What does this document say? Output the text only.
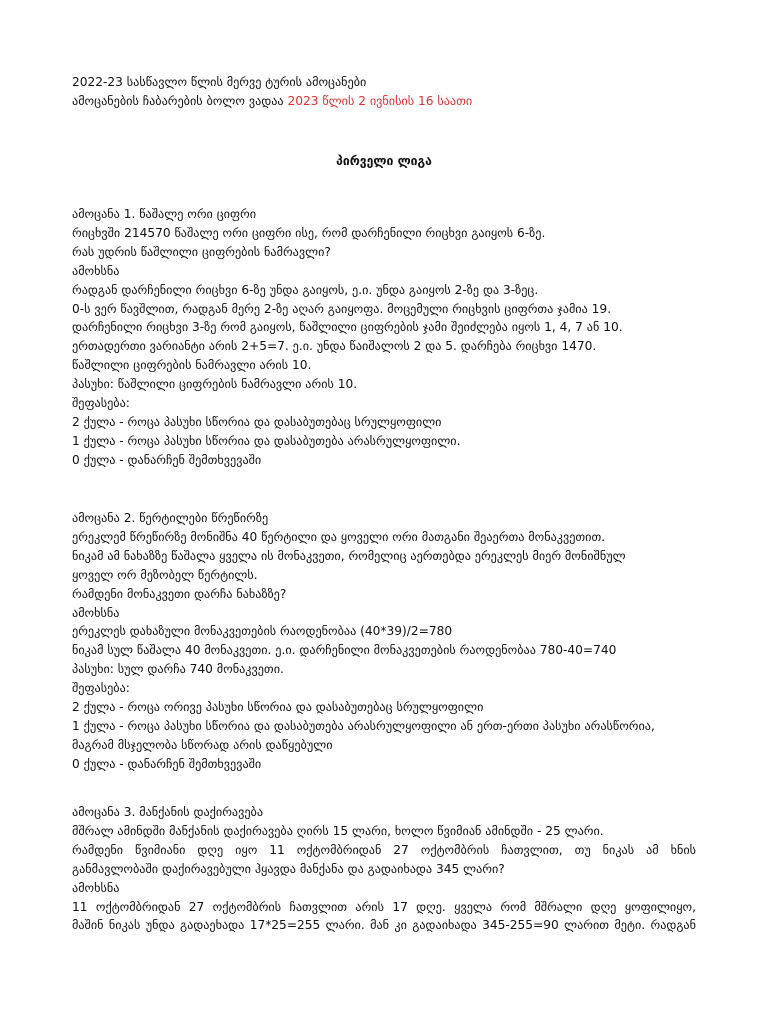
2022-23 სასწავლო წლის მერვე ტურის ამოცანები

ამოცანების ჩაბარების ბოლო ვადაა 2023 წლის 2 ივნისის 16 საათი

პირველი ლიგა

ამოცანა 1. წაშალე ორი ციფრი

რიცხვში 214570 წაშალე ორი ციფრი ისე, რომ დარჩენილი რიცხვი გაიყოს 6-ზე.

რას უდრის წაშლილი ციფრების ნამრავლი?

ამოხსნა

რადგან დარჩენილი რიცხვი 6-ზე უნდა გაიყოს, ე.ი. უნდა გაიყოს 2-ზე და 3-ზეც.

0-ს ვერ წავშლით, რადგან მერე 2-ზე აღარ გაიყოფა. მოცემული რიცხვის ციფრთა ჯამია 19.

დარჩენილი რიცხვი 3-ზე რომ გაიყოს, წაშლილი ციფრების ჯამი შეიძლება იყოს 1, 4, 7 ან 10.

ერთადერთი ვარიანტი არის 2+5=7. ე.ი. უნდა წაიშალოს 2 და 5. დარჩება რიცხვი 1470.

წაშლილი ციფრების ნამრავლი არის 10.

პასუხი: წაშლილი ციფრების ნამრავლი არის 10.

შეფასება:

2 ქულა - როცა პასუხი სწორია და დასაბუთებაც სრულყოფილი

1 ქულა - როცა პასუხი სწორია და დასაბუთება არასრულყოფილი.

0 ქულა - დანარჩენ შემთხვევაში

ამოცანა 2. წერტილები წრეწირზე

ერეკლემ წრეწირზე მონიშნა 40 წერტილი და ყოველი ორი მათგანი შეაერთა მონაკვეთით.

ნიკამ ამ ნახაზზე წაშალა ყველა ის მონაკვეთი, რომელიც აერთებდა ერეკლეს მიერ მონიშნულ

ყოველ ორ მეზობელ წერტილს.

რამდენი მონაკვეთი დარჩა ნახაზზე?

ამოხსნა

ერეკლეს დახაზული მონაკვეთების რაოდენობაა (40*39)/2=780

ნიკამ სულ წაშალა 40 მონაკვეთი. ე.ი. დარჩენილი მონაკვეთების რაოდენობაა 780-40=740

პასუხი: სულ დარჩა 740 მონაკვეთი.

შეფასება:

2 ქულა - როცა ორივე პასუხი სწორია და დასაბუთებაც სრულყოფილი

1 ქულა - როცა პასუხი სწორია და დასაბუთება არასრულყოფილი ან ერთ-ერთი პასუხი არასწორია,

მაგრამ მსჯელობა სწორად არის დაწყებული

0 ქულა - დანარჩენ შემთხვევაში

ამოცანა 3. მანქანის დაქირავება

მშრალ ამინდში მანქანის დაქირავება ღირს 15 ლარი, ხოლო წვიმიან ამინდში - 25 ლარი.

რამდენი წვიმიანი დღე იყო 11 ოქტომბრიდან 27 ოქტომბრის ჩათვლით, თუ ნიკას ამ ხნის

განმავლობაში დაქირავებული ჰყავდა მანქანა და გადაიხადა 345 ლარი?

ამოხსნა

11 ოქტომბრიდან 27 ოქტომბრის ჩათვლით არის 17 დღე. ყველა რომ მშრალი დღე ყოფილიყო,

მაშინ ნიკას უნდა გადაეხადა 17*25=255 ლარი. მან კი გადაიხადა 345-255=90 ლარით მეტი. რადგან
